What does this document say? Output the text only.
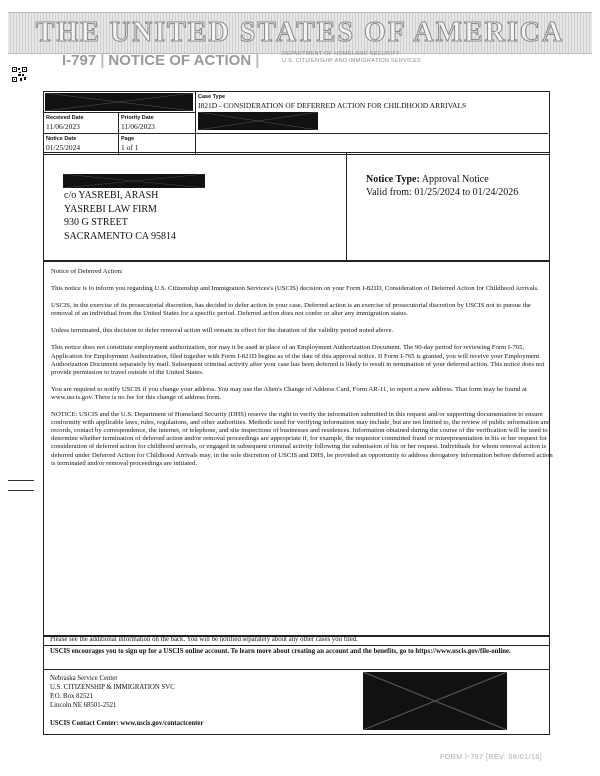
THE UNITED STATES OF AMERICA
I-797 | NOTICE OF ACTION |	DEPARTMENT OF HOMELAND SECURITY
U.S. CITIZENSHIP AND IMMIGRATION SERVICES
Case Type
I821D - CONSIDERATION OF DEFERRED ACTION FOR CHILDHOOD ARRIVALS
Received Date
11/06/2023
Priority Date
11/06/2023
Notice Date
01/25/2024
Page
1 of 1
c/o YASREBI, ARASH
YASREBI LAW FIRM
930 G STREET
SACRAMENTO CA 95814
Notice Type: Approval Notice
Valid from: 01/25/2024 to 01/24/2026

Notice of Deferred Action:

This notice is to inform you regarding U.S. Citizenship and Immigration Services's (USCIS) decision on your Form I-821D, Consideration of Deferred Action for Childhood Arrivals.

USCIS, in the exercise of its prosecutorial discretion, has decided to defer action in your case. Deferred action is an exercise of prosecutorial discretion by USCIS not to pursue the removal of an individual from the United States for a specific period. Deferred action does not confer or alter any immigration status.

Unless terminated, this decision to defer removal action will remain in effect for the duration of the validity period noted above.

This notice does not constitute employment authorization, nor may it be used in place of an Employment Authorization Document. The 90-day period for reviewing Form I-765, Application for Employment Authorization, filed together with Form I-821D begins as of the date of this approval notice. If Form I-765 is granted, you will receive your Employment Authorization Document separately by mail. Subsequent criminal activity after your case has been deferred is likely to result in termination of your deferred action. This notice does not provide permission to travel outside of the United States.

You are required to notify USCIS if you change your address. You may use the Alien's Change of Address Card, Form AR-11, to report a new address. That form may be found at www.uscis.gov. There is no fee for this change of address form.

NOTICE: USCIS and the U.S. Department of Homeland Security (DHS) reserve the right to verify the information submitted in this request and/or supporting documentation to ensure conformity with applicable laws, rules, regulations, and other authorities. Methods used for verifying information may include, but are not limited to, the review of public information and records, contact by correspondence, the internet, or telephone, and site inspections of businesses and residences. Information obtained during the course of the verification will be used to determine whether termination of deferred action and/or removal proceedings are appropriate if, for example, the requestor committed fraud or misrepresentation in his or her request for consideration of deferred action for childhood arrivals, or engaged in subsequent criminal activity following the submission of his or her request. Individuals for whom removal action is deferred under Deferred Action for Childhood Arrivals may, in the sole discretion of USCIS and DHS, be provided an opportunity to address derogatory information before deferred action is terminated and/or removal proceedings are initiated.

Please see the additional information on the back. You will be notified separately about any other cases you filed.
USCIS encourages you to sign up for a USCIS online account. To learn more about creating an account and the benefits, go to https://www.uscis.gov/file-online.
Nebraska Service Center
U.S. CITIZENSHIP & IMMIGRATION SVC
P.O. Box 82521
Lincoln NE 68501-2521
USCIS Contact Center: www.uscis.gov/contactcenter
FORM I-797 [REV. 08/01/16]
